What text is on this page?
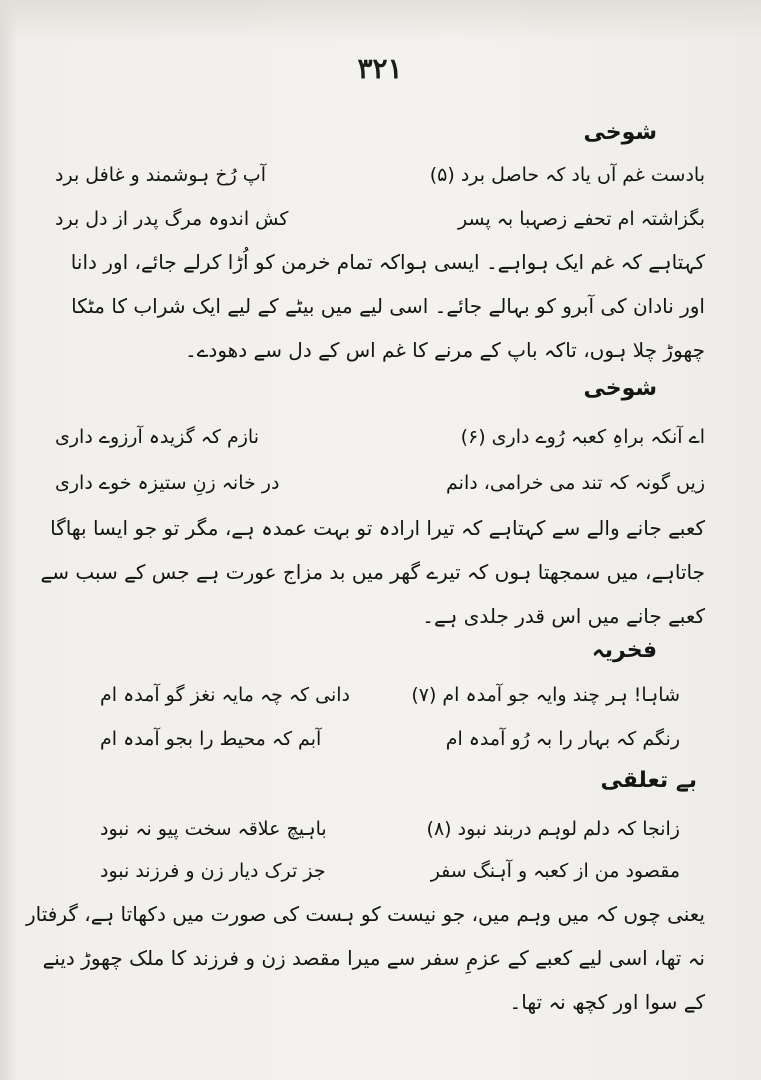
۳۲۱
شوخی
بادست غم آں یاد کہ حاصل برد (۵)
آپ رُخ ہوشمند و غافل برد
بگزاشتہ ام تحفے زصہبا بہ پسر
کش اندوہ مرگ پدر از دل برد
کہتاہے کہ غم ایک ہواہے۔ ایسی ہواکہ تمام خرمن کو اُڑا کرلے جائے، اور دانا
اور نادان کی آبرو کو بہالے جائے۔ اسی لیے میں بیٹے کے لیے ایک شراب کا مٹکا
چھوڑ چلا ہوں، تاکہ باپ کے مرنے کا غم اس کے دل سے دھودے۔
شوخی
اے آنکہ براہِ کعبہ رُوے داری (۶)
نازم کہ گزیدہ آرزوے داری
زیں گونہ کہ تند می خرامی، دانم
در خانہ زنِ ستیزہ خوے داری
کعبے جانے والے سے کہتاہے کہ تیرا ارادہ تو بہت عمدہ ہے، مگر تو جو ایسا بھاگا
جاتاہے، میں سمجھتا ہوں کہ تیرے گھر میں بد مزاج عورت ہے جس کے سبب سے
کعبے جانے میں اس قدر جلدی ہے۔
فخریہ
شاہا! ہر چند وایہ جو آمدہ ام (۷)
دانی کہ چہ مایہ نغز گو آمدہ ام
رنگم کہ بہار را بہ رُو آمدہ ام
آبم کہ محیط را بجو آمدہ ام
بے تعلقی
زانجا کہ دلم لوہم دربند نبود (۸)
باہیچ علاقہ سخت پیو نہ نبود
مقصود من از کعبہ و آہنگ سفر
جز ترک دیار زن و فرزند نبود
یعنی چوں کہ میں وہم میں، جو نیست کو ہست کی صورت میں دکھاتا ہے، گرفتار
نہ تھا، اسی لیے کعبے کے عزمِ سفر سے میرا مقصد زن و فرزند کا ملک چھوڑ دینے
کے سوا اور کچھ نہ تھا۔
